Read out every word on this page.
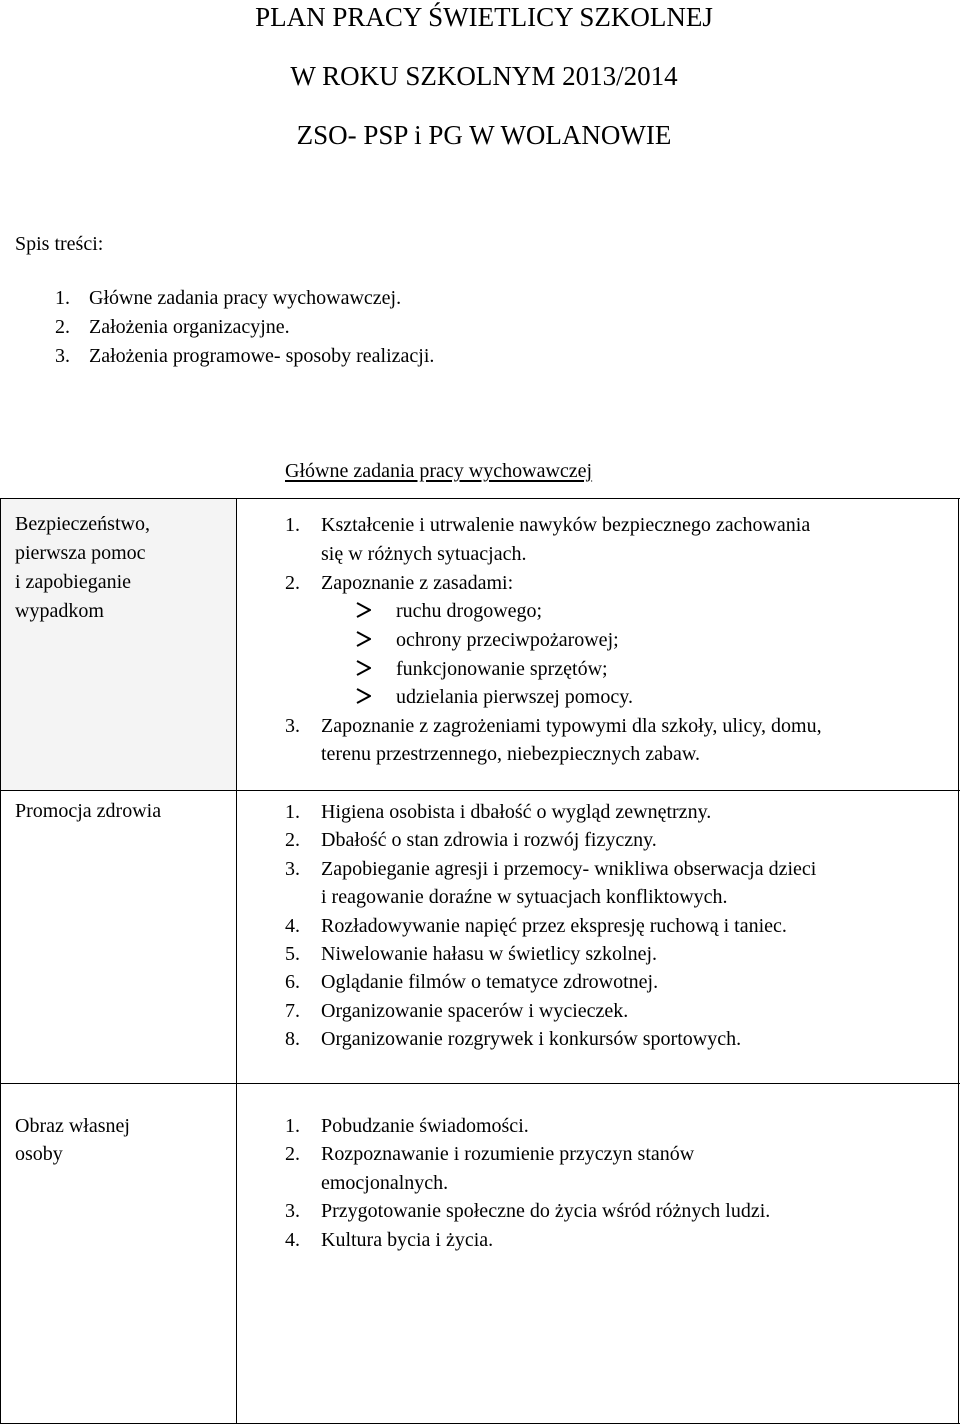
PLAN PRACY ŚWIETLICY SZKOLNEJ
W ROKU SZKOLNYM 2013/2014
ZSO- PSP i PG W WOLANOWIE
Spis treści:
1. Główne zadania pracy wychowawczej.
2. Założenia organizacyjne.
3. Założenia programowe- sposoby realizacji.
Główne zadania pracy wychowawczej
Bezpieczeństwo,
pierwsza pomoc
i zapobieganie
wypadkom
1. Kształcenie i utrwalenie nawyków bezpiecznego zachowania
się w różnych sytuacjach.
2. Zapoznanie z zasadami:
ruchu drogowego;
ochrony przeciwpożarowej;
funkcjonowanie sprzętów;
udzielania pierwszej pomocy.
3. Zapoznanie z zagrożeniami typowymi dla szkoły, ulicy, domu,
terenu przestrzennego, niebezpiecznych zabaw.
Promocja zdrowia	1. Higiena osobista i dbałość o wygląd zewnętrzny.
2. Dbałość o stan zdrowia i rozwój fizyczny.
3. Zapobieganie agresji i przemocy- wnikliwa obserwacja dzieci
i reagowanie doraźne w sytuacjach konfliktowych.
4. Rozładowywanie napięć przez ekspresję ruchową i taniec.
5. Niwelowanie hałasu w świetlicy szkolnej.
6. Oglądanie filmów o tematyce zdrowotnej.
7. Organizowanie spacerów i wycieczek.
8. Organizowanie rozgrywek i konkursów sportowych.
Obraz własnej
osoby
1. Pobudzanie świadomości.
2. Rozpoznawanie i rozumienie przyczyn stanów
emocjonalnych.
3. Przygotowanie społeczne do życia wśród różnych ludzi.
4. Kultura bycia i życia.
